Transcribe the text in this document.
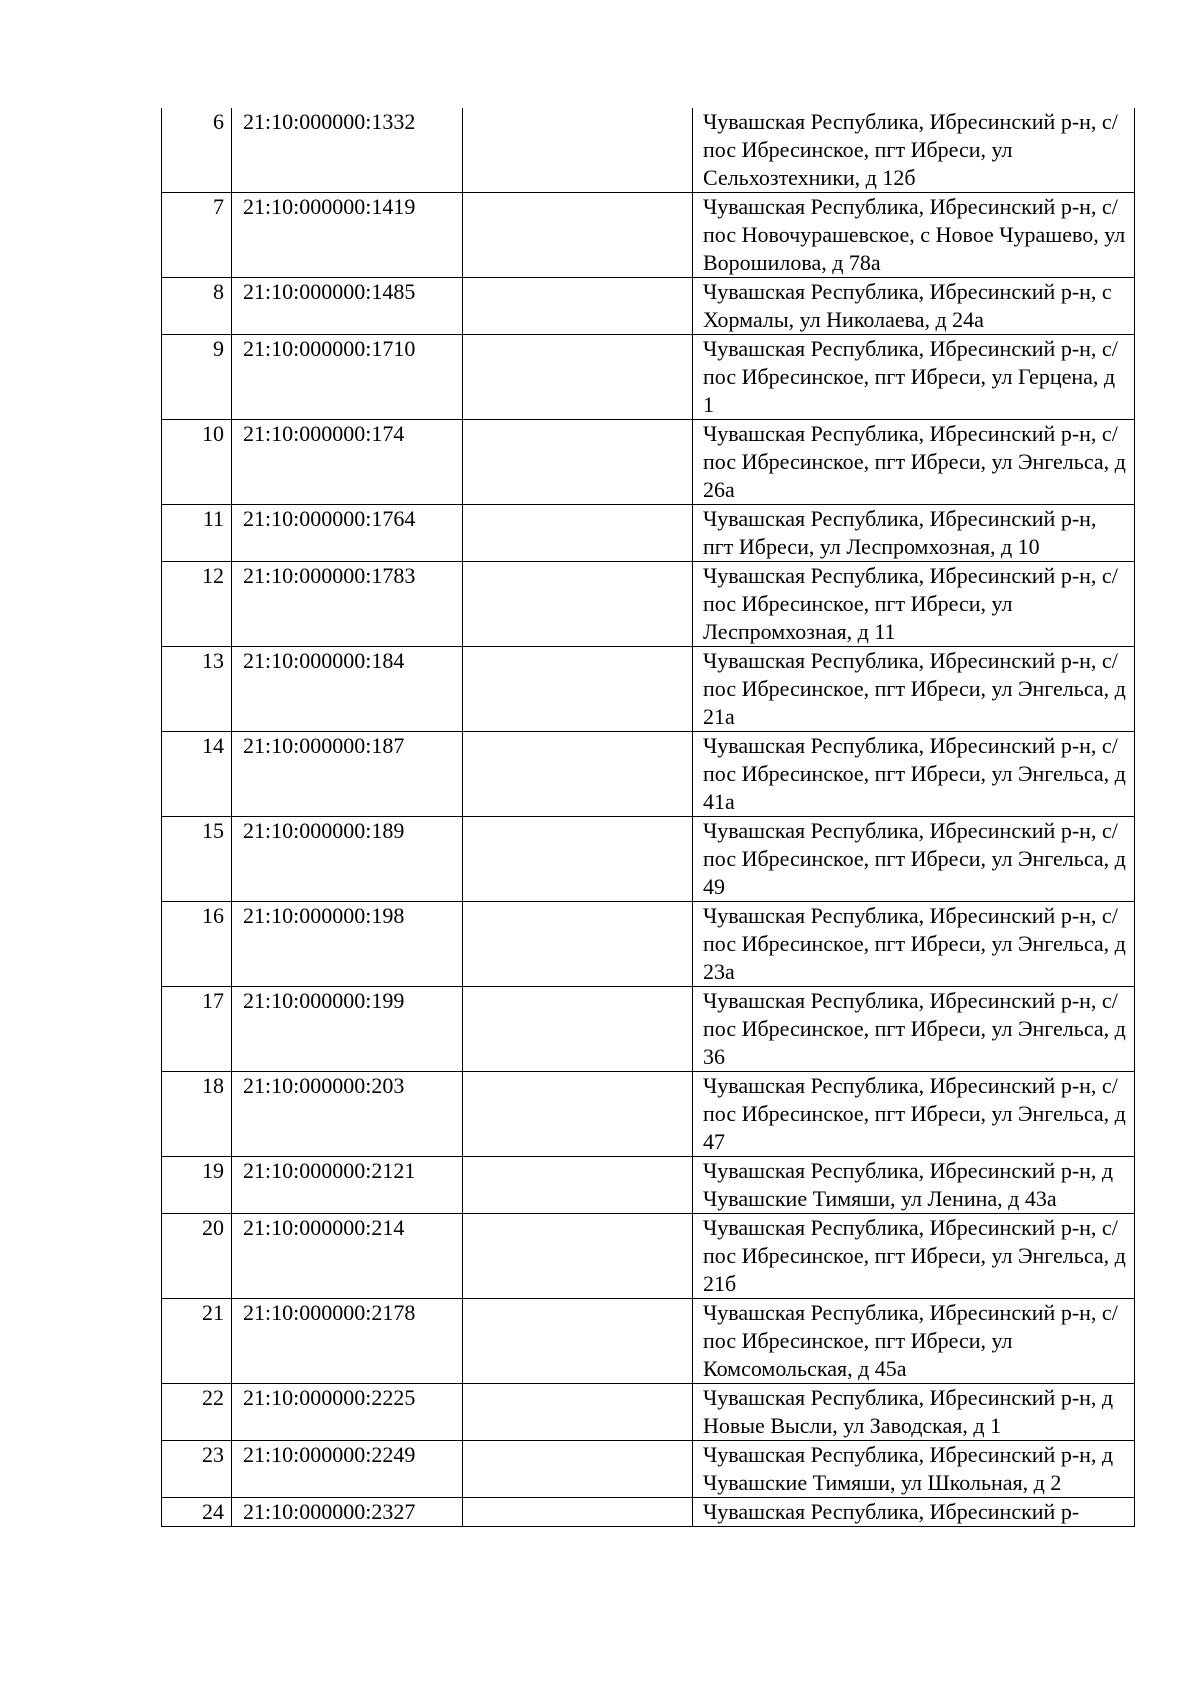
6	21:10:000000:1332		Чувашская Республика, Ибресинский р-н, с/пос Ибресинское, пгт Ибреси, ул Сельхозтехники, д 12б
7	21:10:000000:1419		Чувашская Республика, Ибресинский р-н, с/пос Новочурашевское, с Новое Чурашево, ул Ворошилова, д 78а
8	21:10:000000:1485		Чувашская Республика, Ибресинский р-н, с Хормалы, ул Николаева, д 24а
9	21:10:000000:1710		Чувашская Республика, Ибресинский р-н, с/пос Ибресинское, пгт Ибреси, ул Герцена, д 1
10	21:10:000000:174		Чувашская Республика, Ибресинский р-н, с/пос Ибресинское, пгт Ибреси, ул Энгельса, д 26а
11	21:10:000000:1764		Чувашская Республика, Ибресинский р-н, пгт Ибреси, ул Леспромхозная, д 10
12	21:10:000000:1783		Чувашская Республика, Ибресинский р-н, с/пос Ибресинское, пгт Ибреси, ул Леспромхозная, д 11
13	21:10:000000:184		Чувашская Республика, Ибресинский р-н, с/пос Ибресинское, пгт Ибреси, ул Энгельса, д 21а
14	21:10:000000:187		Чувашская Республика, Ибресинский р-н, с/пос Ибресинское, пгт Ибреси, ул Энгельса, д 41а
15	21:10:000000:189		Чувашская Республика, Ибресинский р-н, с/пос Ибресинское, пгт Ибреси, ул Энгельса, д 49
16	21:10:000000:198		Чувашская Республика, Ибресинский р-н, с/пос Ибресинское, пгт Ибреси, ул Энгельса, д 23а
17	21:10:000000:199		Чувашская Республика, Ибресинский р-н, с/пос Ибресинское, пгт Ибреси, ул Энгельса, д 36
18	21:10:000000:203		Чувашская Республика, Ибресинский р-н, с/пос Ибресинское, пгт Ибреси, ул Энгельса, д 47
19	21:10:000000:2121		Чувашская Республика, Ибресинский р-н, д Чувашские Тимяши, ул Ленина, д 43а
20	21:10:000000:214		Чувашская Республика, Ибресинский р-н, с/пос Ибресинское, пгт Ибреси, ул Энгельса, д 21б
21	21:10:000000:2178		Чувашская Республика, Ибресинский р-н, с/пос Ибресинское, пгт Ибреси, ул Комсомольская, д 45а
22	21:10:000000:2225		Чувашская Республика, Ибресинский р-н, д Новые Высли, ул Заводская, д 1
23	21:10:000000:2249		Чувашская Республика, Ибресинский р-н, д Чувашские Тимяши, ул Школьная, д 2
24	21:10:000000:2327		Чувашская Республика, Ибресинский р-
